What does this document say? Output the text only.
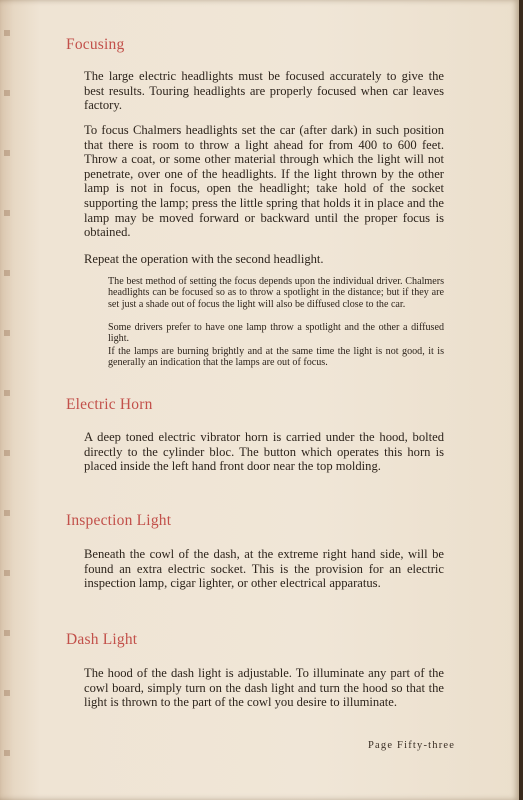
Focusing

The large electric headlights must be focused accurately to give the best results. Touring headlights are properly focused when car leaves factory.

To focus Chalmers headlights set the car (after dark) in such position that there is room to throw a light ahead for from 400 to 600 feet. Throw a coat, or some other material through which the light will not penetrate, over one of the headlights. If the light thrown by the other lamp is not in focus, open the headlight; take hold of the socket supporting the lamp; press the little spring that holds it in place and the lamp may be moved forward or backward until the proper focus is obtained.

Repeat the operation with the second headlight.

The best method of setting the focus depends upon the individual driver. Chalmers headlights can be focused so as to throw a spotlight in the distance; but if they are set just a shade out of focus the light will also be diffused close to the car.

Some drivers prefer to have one lamp throw a spotlight and the other a diffused light.

If the lamps are burning brightly and at the same time the light is not good, it is generally an indication that the lamps are out of focus.

Electric Horn

A deep toned electric vibrator horn is carried under the hood, bolted directly to the cylinder bloc. The button which operates this horn is placed inside the left hand front door near the top molding.

Inspection Light

Beneath the cowl of the dash, at the extreme right hand side, will be found an extra electric socket. This is the provision for an electric inspection lamp, cigar lighter, or other electrical apparatus.

Dash Light

The hood of the dash light is adjustable. To illuminate any part of the cowl board, simply turn on the dash light and turn the hood so that the light is thrown to the part of the cowl you desire to illuminate.

Page Fifty-three
